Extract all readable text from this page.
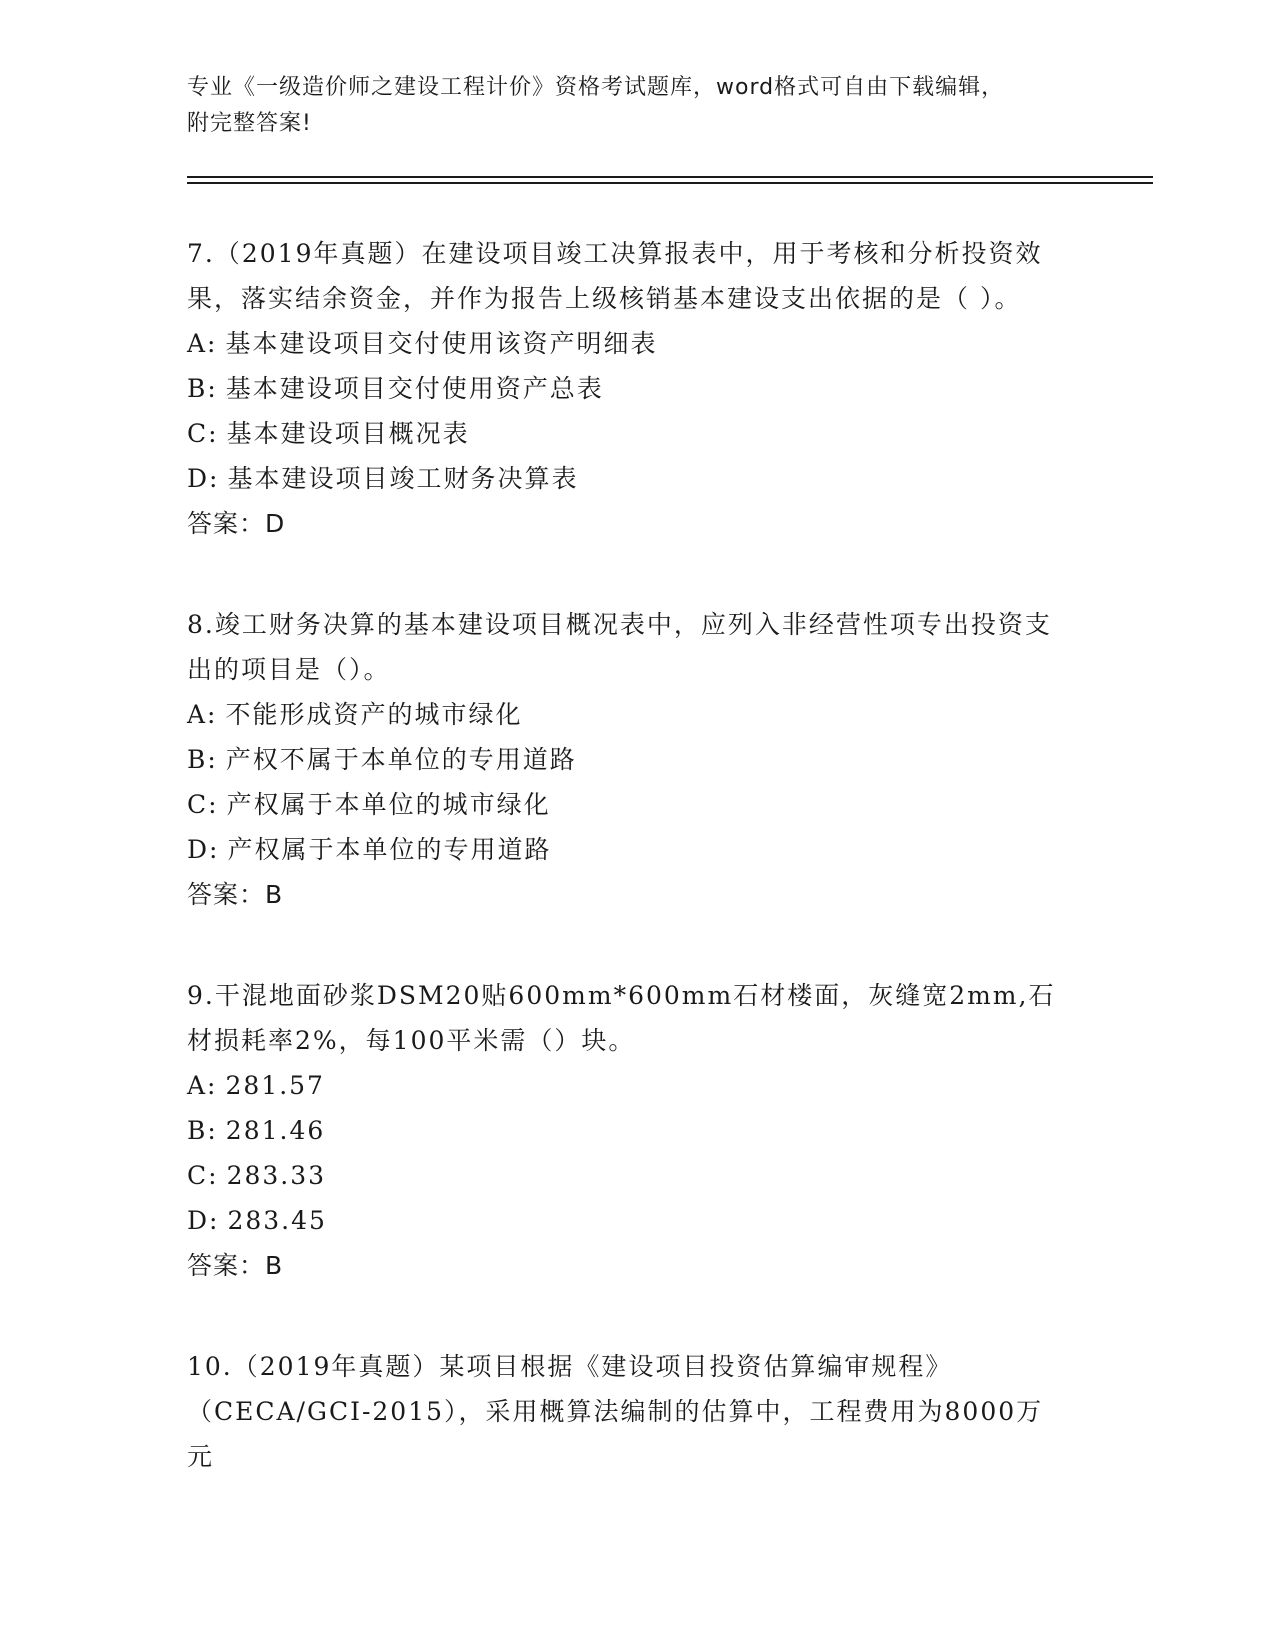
专业《一级造价师之建设工程计价》资格考试题库，word格式可自由下载编辑，
附完整答案!

7.（2019年真题）在建设项目竣工决算报表中，用于考核和分析投资效果，落实结余资金，并作为报告上级核销基本建设支出依据的是（ ）。

A: 基本建设项目交付使用该资产明细表

B: 基本建设项目交付使用资产总表

C: 基本建设项目概况表

D: 基本建设项目竣工财务决算表

答案：D

8.竣工财务决算的基本建设项目概况表中，应列入非经营性项专出投资支出的项目是（）。

A: 不能形成资产的城市绿化

B: 产权不属于本单位的专用道路

C: 产权属于本单位的城市绿化

D: 产权属于本单位的专用道路

答案：B

9.干混地面砂浆DSM20贴600mm*600mm石材楼面，灰缝宽2mm,石材损耗率2%，每100平米需（）块。

A: 281.57

B: 281.46

C: 283.33

D: 283.45

答案：B

10.（2019年真题）某项目根据《建设项目投资估算编审规程》（CECA/GCI-2015），采用概算法编制的估算中，工程费用为8000万元
